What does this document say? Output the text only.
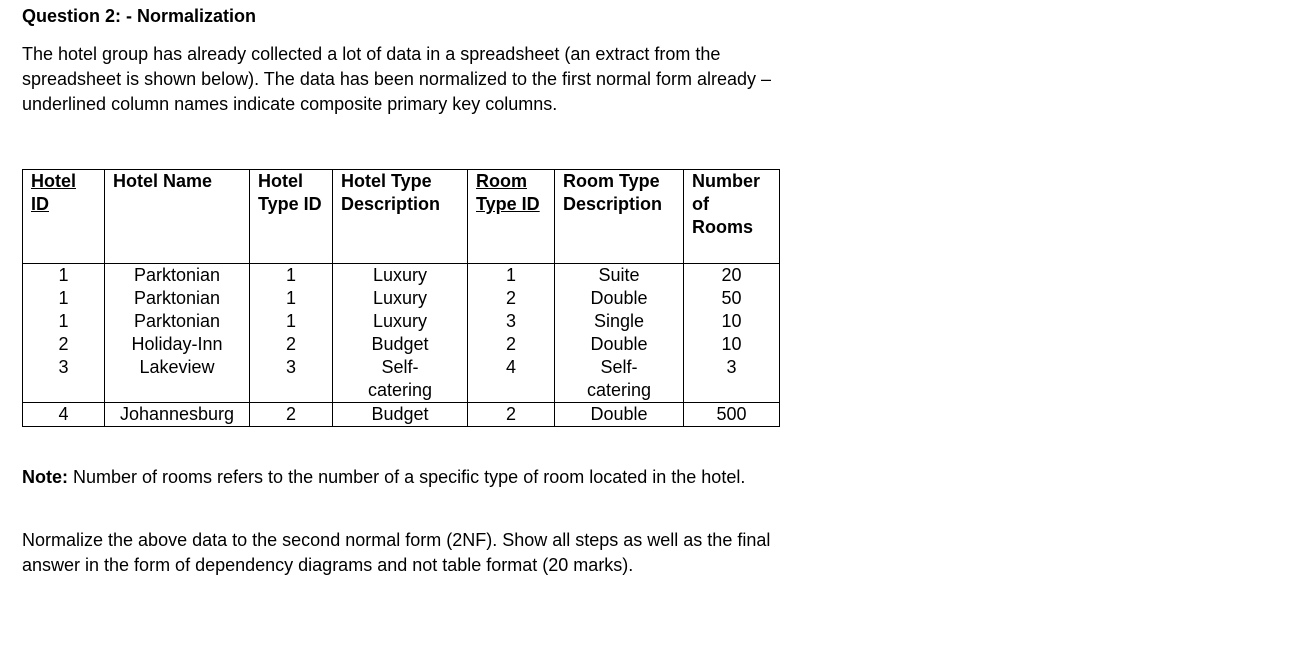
Question 2: - Normalization

The hotel group has already collected a lot of data in a spreadsheet (an extract from the spreadsheet is shown below). The data has been normalized to the first normal form already – underlined column names indicate composite primary key columns.

Hotel ID	Hotel Name	Hotel Type ID	Hotel Type Description	Room Type ID	Room Type Description	Number of Rooms
1	Parktonian	1	Luxury	1	Suite	20
1	Parktonian	1	Luxury	2	Double	50
1	Parktonian	1	Luxury	3	Single	10
2	Holiday-Inn	2	Budget	2	Double	10
3	Lakeview	3	Self-catering	4	Self-catering	3
4	Johannesburg	2	Budget	2	Double	500

Note: Number of rooms refers to the number of a specific type of room located in the hotel.

Normalize the above data to the second normal form (2NF). Show all steps as well as the final answer in the form of dependency diagrams and not table format (20 marks).
